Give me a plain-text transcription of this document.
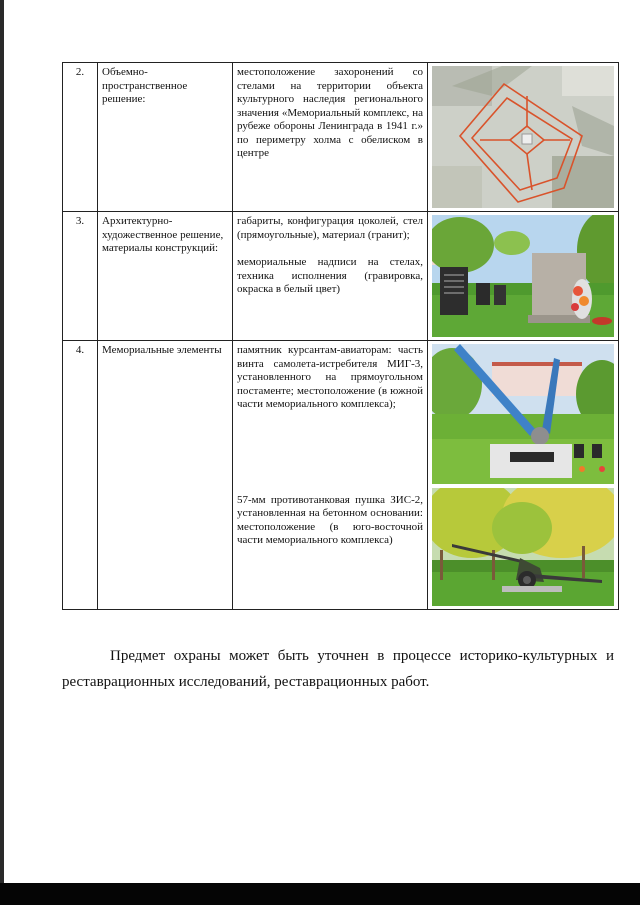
2.	Объемно-пространственное решение:	местоположение захоронений со стелами на территории объекта культурного наследия регионального значения «Мемориальный комплекс, на рубеже обороны Ленинграда в 1941 г.» по периметру холма с обелиском в центре

3.	Архитектурно-художественное решение, материалы конструкций:	габариты, конфигурация цоколей, стел (прямоугольные), материал (гранит);

мемориальные надписи на стелах, техника исполнения (гравировка, окраска в белый цвет)

4.	Мемориальные элементы	памятник курсантам-авиаторам: часть винта самолета-истребителя МИГ-3, установленного на прямоугольном постаменте; местоположение (в южной части мемориального комплекса);

57-мм противотанковая пушка ЗИС-2, установленная на бетонном основании: местоположение (в юго-восточной части мемориального комплекса)

Предмет охраны может быть уточнен в процессе историко-культурных и реставрационных исследований, реставрационных работ.
